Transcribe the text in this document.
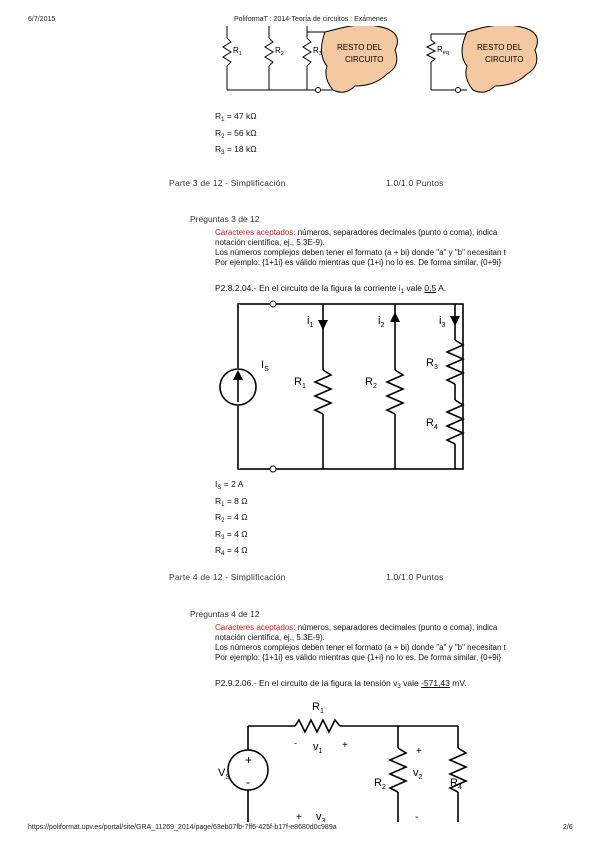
6/7/2015	PoliformaT : 2014-Teoría de circuitos : Exámenes
$R_1$	$R_2$	$R_3$	$R_{eq}$
RESTO DEL
CIRCUITO
RESTO DEL
CIRCUITO
$R_1 = 47$ kΩ
$R_2 = 56$ kΩ
$R_3 = 18$ kΩ
Parte 3 de 12 - Simplificación	1.0/1.0 Puntos
Preguntas 3 de 12
Caracteres aceptados: números, separadores decimales (punto o coma), indica
notación científica, ej., 5.3E-9).
Los números complejos deben tener el formato (a + bi) donde "a" y "b" necesitan t
Por ejemplo: {1+1i} es válido mientras que {1+i} no lo es. De forma similar, {0+9i}
P2.8.2.04.- En el circuito de la figura la corriente $i_1$ vale 0,5 A.
$I_S$
$R_1$	$R_2$
$R_3$
$R_4$
$i_1$	$i_2$	$i_3$
$I_S = 2$ A
$R_1 = 8$ Ω
$R_2 = 4$ Ω
$R_3 = 4$ Ω
$R_4 = 4$ Ω
Parte 4 de 12 - Simplificación	1.0/1.0 Puntos
Preguntas 4 de 12
Caracteres aceptados: números, separadores decimales (punto o coma), indica
notación científica, ej., 5.3E-9).
Los números complejos deben tener el formato (a + bi) donde "a" y "b" necesitan t
Por ejemplo: {1+1i} es válido mientras que {1+i} no lo es. De forma similar, {0+9i}
P2.9.2.06.- En el circuito de la figura la tensión $v_3$ vale -571,43 mV.
+
-
$V_S$
$R_1$
- $v_1$
+
$R_2$
+
$v_2$
-
$R_4$
+ $v_3$
https://poliformat.upv.es/portal/site/GRA_11269_2014/page/63eb07fb-7ff6-425f-b17f-e8680d0c989a	2/6
